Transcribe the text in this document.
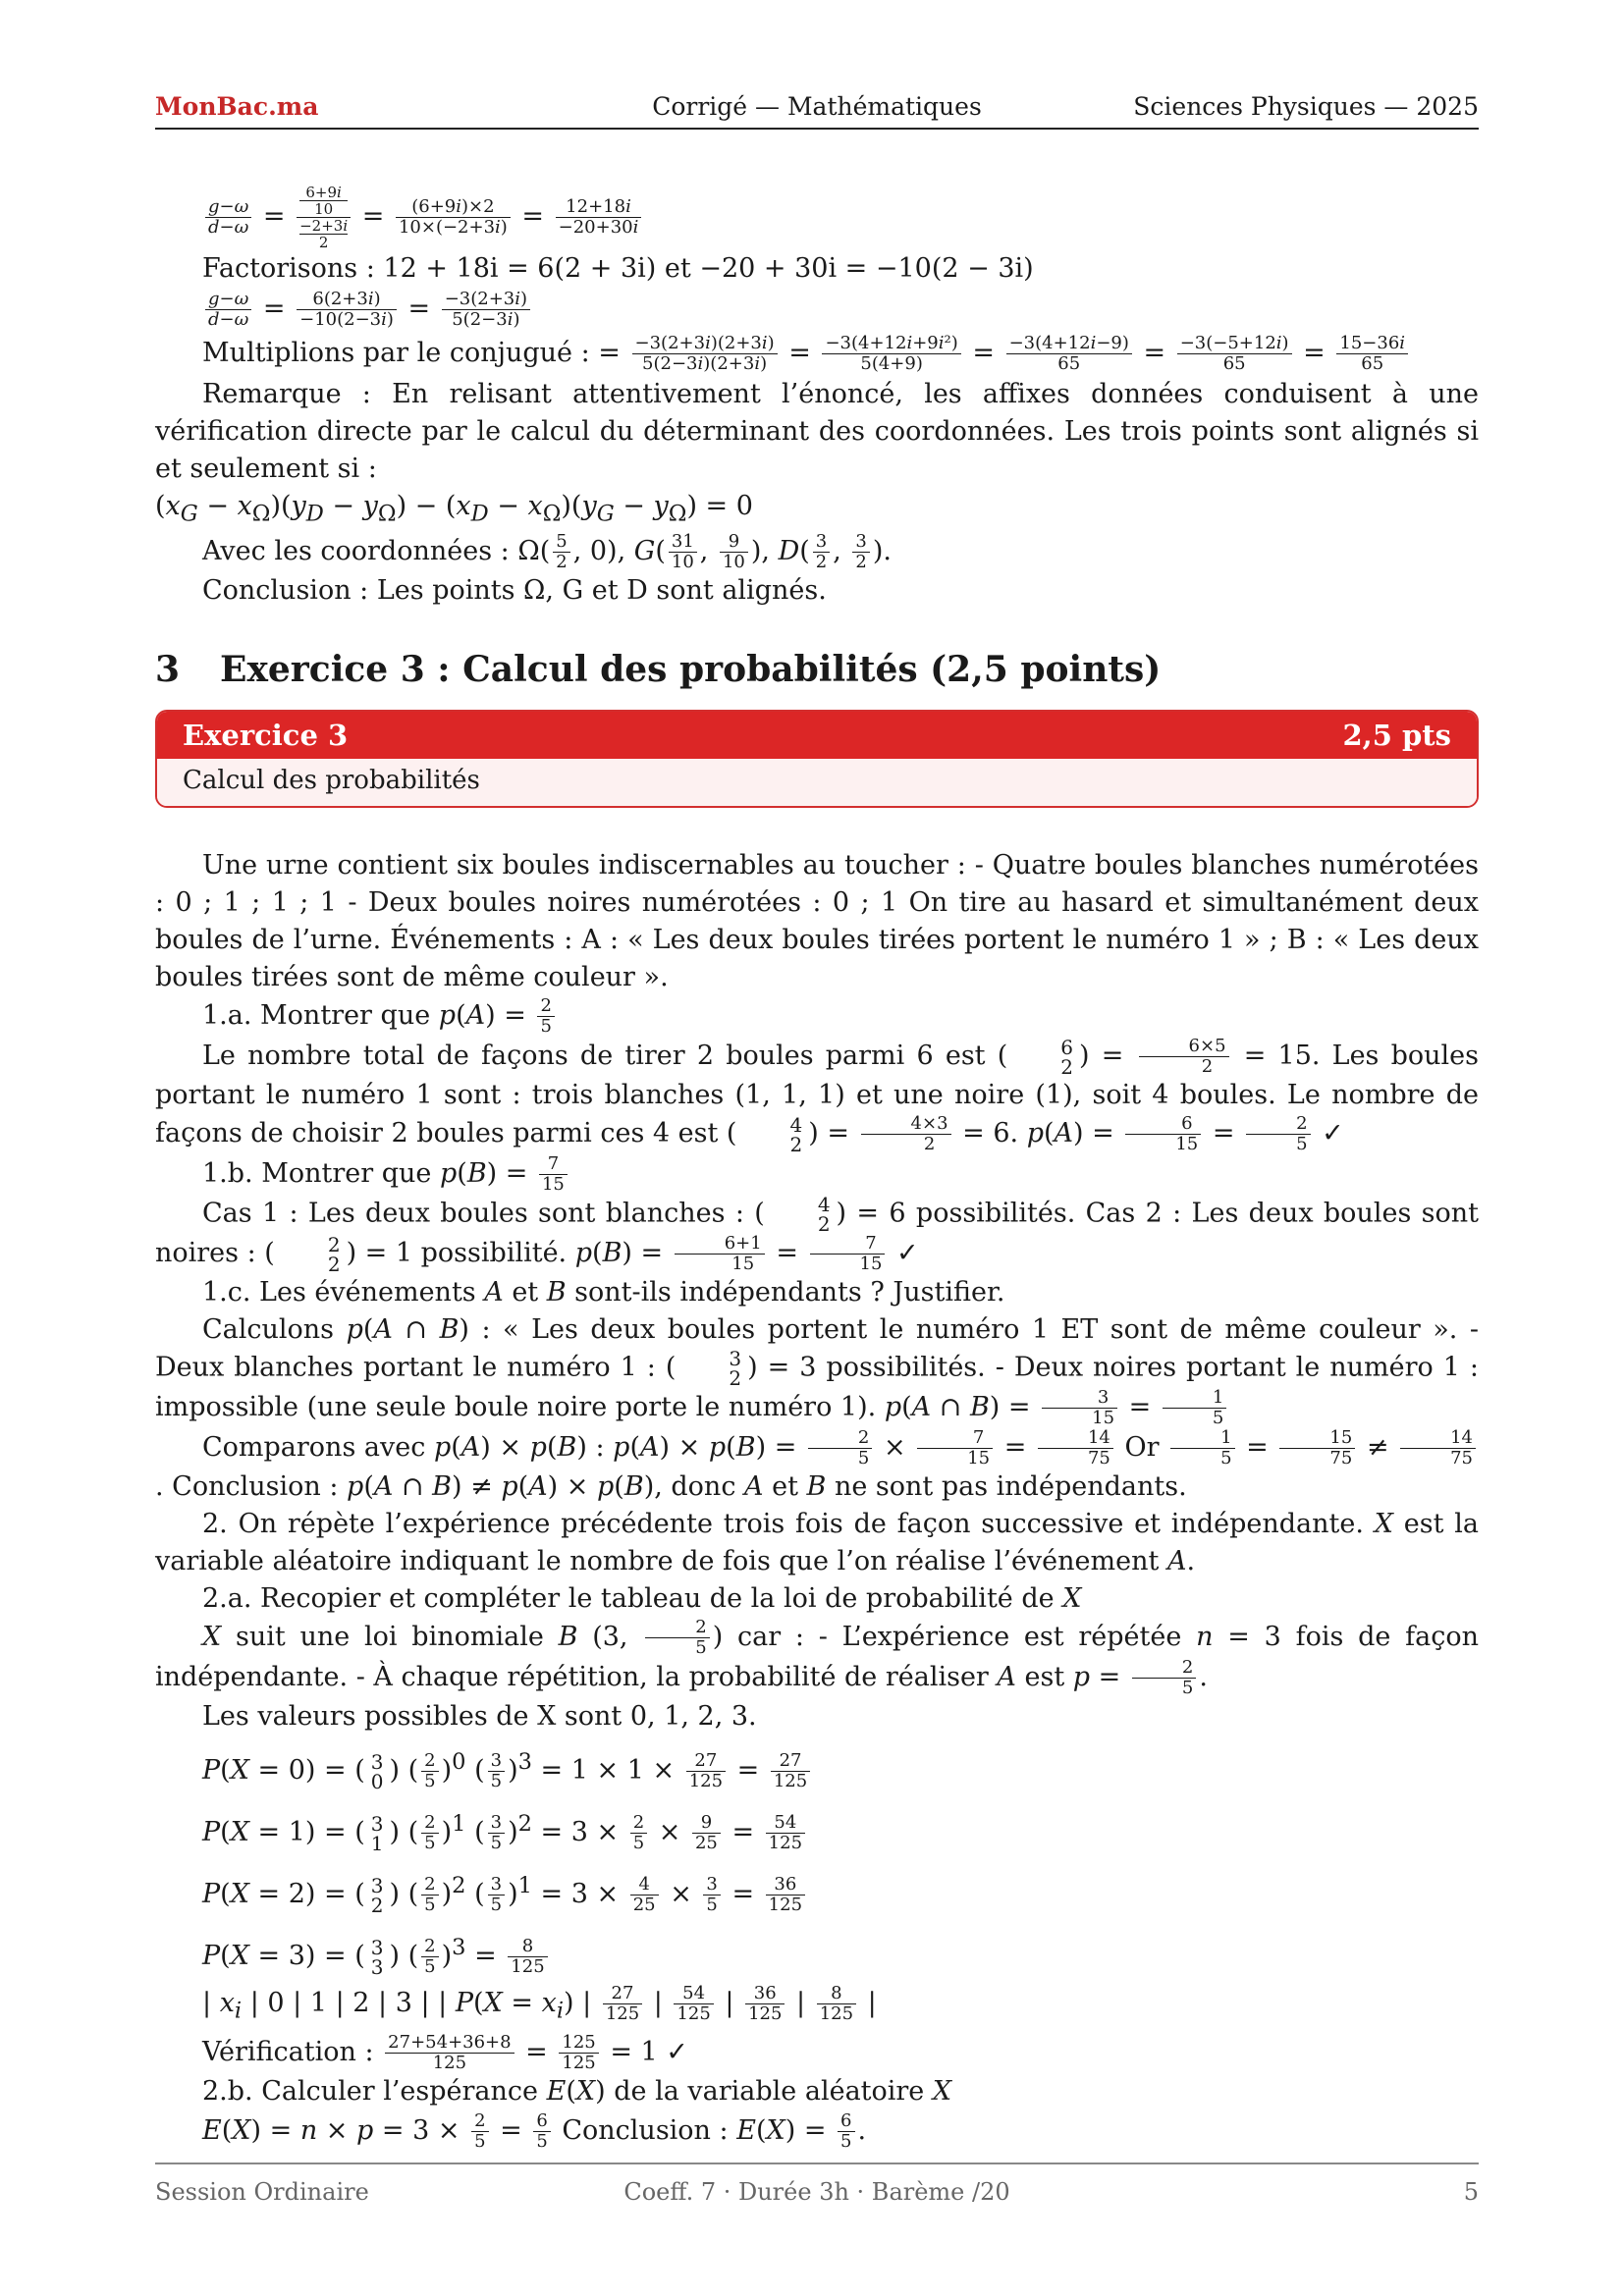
MonBac.ma	Corrigé — Mathématiques	Sciences Physiques — 2025
$\frac{g-\omega}{d-\omega} = 6+9i$
10
−2+3i
$2 = \frac{(6+9i)\times 2}{10\times(-2+3i)} = \frac{12+18i}{-20+30i}$
Factorisons : 12 + 18i = 6(2 + 3i) et −20 + 30i = −10(2 − 3i)
$\frac{g-\omega}{d-\omega} = \frac{6(2+3i)}{-10(2-3i)} = \frac{-3(2+3i)}{5(2-3i)}$
Multiplions par le conjugué : = $\frac{-3(2+3i)(2+3i)}{5(2-3i)(2+3i)} = \frac{\text{−3(4+12i+9i²)}}{5(4+9)} = \frac{-3(4+12i-9)}{65} = \frac{-3(-5+12i)}{65} = \frac{15-36i}{65}$
Remarque : En relisant attentivement l’énoncé, les affixes données conduisent à une vérification directe par le calcul du déterminant des coordonnées. Les trois points sont alignés si et seulement si :
$(x_G - x_\Omega)(y_D - y_\Omega) - (x_D - x_\Omega)(y_G - y_\Omega) = 0$
Avec les coordonnées : $\Omega( \frac{5}{2}$ , 0), $G( \frac{31}{10}$ , $\frac{9}{10}$ ), $D( \frac{3}{2}$ , $\frac{3}{2}$ ).
Conclusion : Les points Ω, G et D sont alignés.
3 Exercice 3 : Calcul des probabilités (2,5 points)
Exercice 3	2,5 pts
Calcul des probabilités
Une urne contient six boules indiscernables au toucher : - Quatre boules blanches numérotées : 0 ; 1 ; 1 ; 1 - Deux boules noires numérotées : 0 ; 1 On tire au hasard et simultanément deux boules de l’urne. Événements : A : « Les deux boules tirées portent le numéro 1 » ; B : « Les deux boules tirées sont de même couleur ».
1.a. Montrer que $p(A) = \frac{2}{5}$
Le nombre total de façons de tirer 2 boules parmi 6 est (	6
2 ) = $\frac{6\times 5}{2} = 15$. Les boules portant le numéro 1 sont : trois blanches (1, 1, 1) et une noire (1), soit 4 boules. Le nombre de façons de choisir 2 boules parmi ces 4 est (	4
2 ) = $\frac{4\times 3}{2} = 6$. $p(A) = \frac{6}{15} = \frac{2}{5}$ ✓
1.b. Montrer que $p(B) = \frac{7}{15}$
Cas 1 : Les deux boules sont blanches : (	4
2 ) = 6 possibilités. Cas 2 : Les deux boules sont noires : (	2
2 ) = 1 possibilité. $p(B) = \frac{6+1}{15} = \frac{7}{15}$ ✓
1.c. Les événements A et B sont-ils indépendants ? Justifier.
Calculons p(A ∩ B) : « Les deux boules portent le numéro 1 ET sont de même couleur ». - Deux blanches portant le numéro 1 : (	3
2 ) = 3 possibilités. - Deux noires portant le numéro 1 : impossible (une seule boule noire porte le numéro 1). p(A ∩ $B) = \frac{3}{15} = \frac{1}{5}$
Comparons avec p(A) × p(B) : $p(A) \times p(B) = \frac{2}{5} \times \frac{7}{15} = \frac{14}{75}$ Or $\frac{1}{5} = \frac{15}{75} \ne \frac{14}{75}$
. Conclusion : p(A ∩ B) ≠ p(A) × p(B), donc A et B ne sont pas indépendants.
2. On répète l’expérience précédente trois fois de façon successive et indépendante. X est la variable aléatoire indiquant le nombre de fois que l’on réalise l’événement A.
2.a. Recopier et compléter le tableau de la loi de probabilité de X
X suit une loi binomiale B (3, $\frac{2}{5}$ ) car : - L’expérience est répétée n = 3 fois de façon indépendante. - À chaque répétition, la probabilité de réaliser A est $p = \frac{2}{5}$ .
Les valeurs possibles de X sont 0, 1, 2, 3.
P(X = 0) = ( 3
0 ) ( $\frac{2}{5} )^0$ ( $\frac{3}{5} )^3 = 1 \times 1 \times \frac{27}{125} = \frac{27}{125}$
P(X = 1) = ( 3
1 ) ( $\frac{2}{5} )^1$ ( $\frac{3}{5} )^2 = 3 \times \frac{2}{5} \times \frac{9}{25} = \frac{54}{125}$
P(X = 2) = ( 3
2 ) ( $\frac{2}{5} )^2$ ( $\frac{3}{5} )^1 = 3 \times \frac{4}{25} \times \frac{3}{5} = \frac{36}{125}$
P(X = 3) = ( 3
3 ) ( $\frac{2}{5} )^3 = \frac{8}{125}$
| $x_i$ | 0 | 1 | 2 | 3 | | $P(X = x_i)$ | $\frac{27}{125}$ | $\frac{54}{125}$ | $\frac{36}{125}$ | $\frac{8}{125}$ |
Vérification : $\frac{27+54+36+8}{125} = \frac{125}{125} = 1$ ✓
2.b. Calculer l’espérance E(X) de la variable aléatoire X
$E(X) = n \times p = 3 \times \frac{2}{5} = \frac{6}{5}$ Conclusion : $E(X) = \frac{6}{5}$ .
Session Ordinaire	Coeff. 7 · Durée 3h · Barème /20	5
